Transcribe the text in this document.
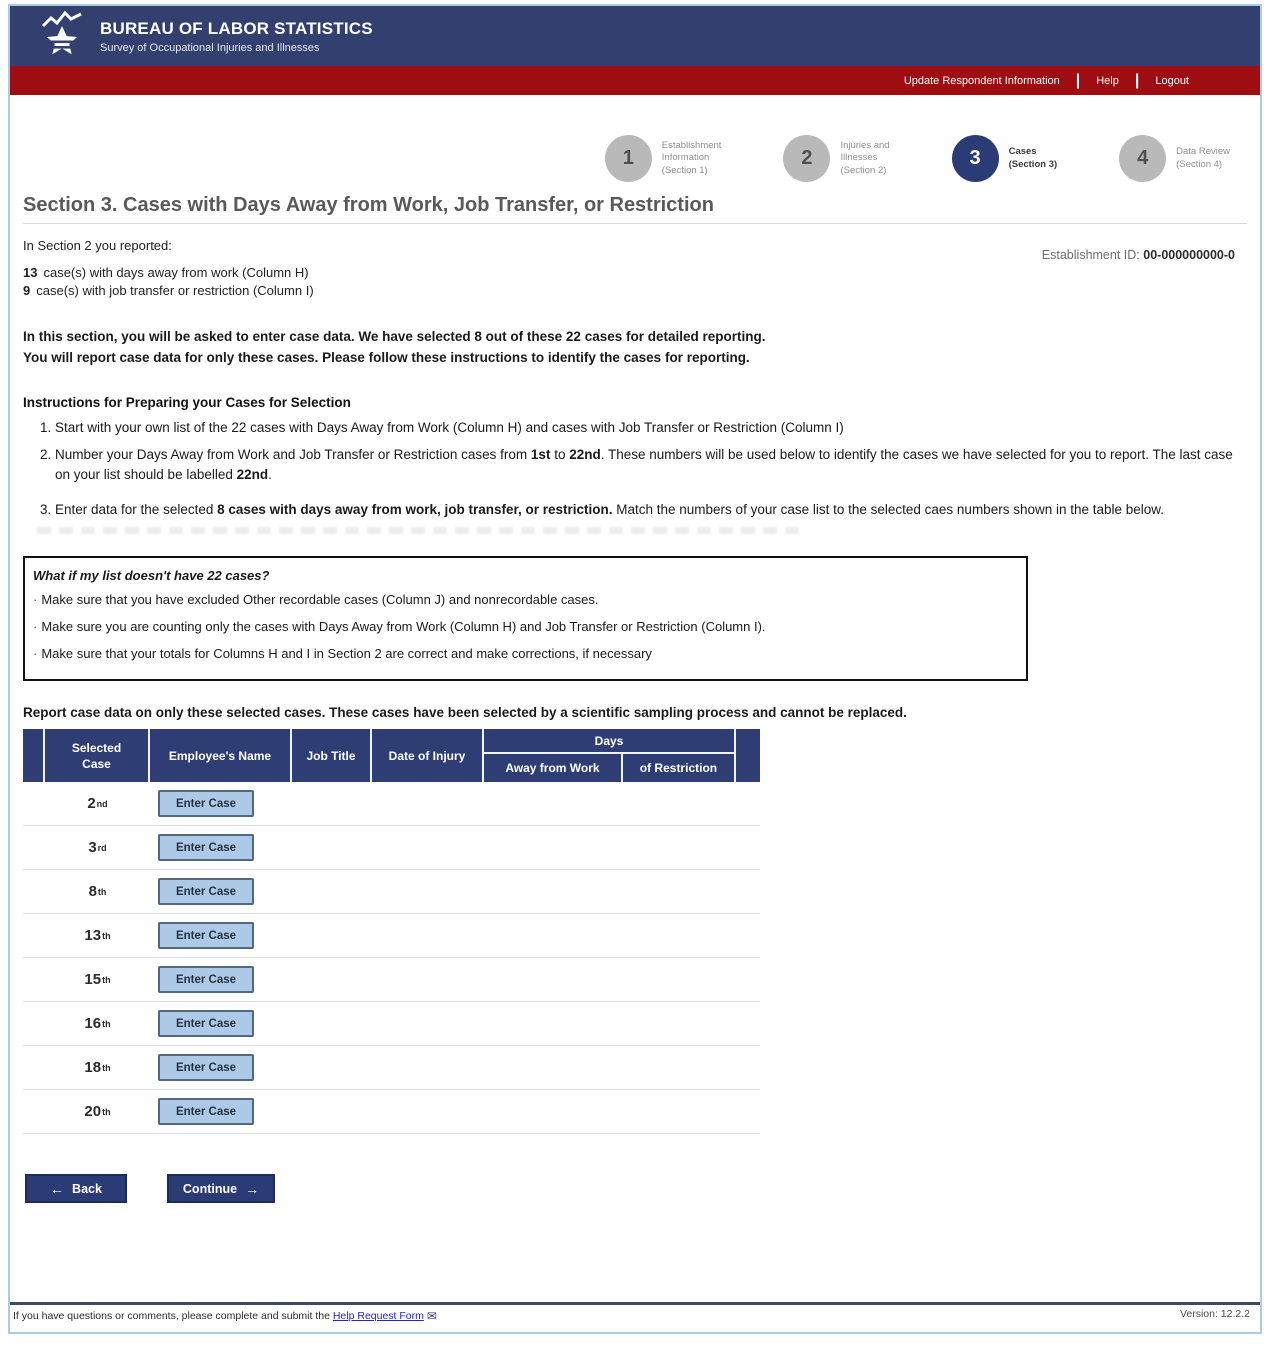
BUREAU OF LABOR STATISTICS
Survey of Occupational Injuries and Illnesses
Update Respondent Information	|	Help	|	Logout
1
Establishment
Information
(Section 1)
2
Injuries and
Illnesses
(Section 2)
3	Cases
(Section 3)	4	Data Review
(Section 4)
Section 3. Cases with Days Away from Work, Job Transfer, or Restriction
In Section 2 you reported:
13 case(s) with days away from work (Column H)
9 case(s) with job transfer or restriction (Column I)
Establishment ID: 00-000000000-0
In this section, you will be asked to enter case data. We have selected 8 out of these 22 cases for detailed reporting.
You will report case data for only these cases. Please follow these instructions to identify the cases for reporting.
Instructions for Preparing your Cases for Selection
1. Start with your own list of the 22 cases with Days Away from Work (Column H) and cases with Job Transfer or Restriction (Column I)
2. Number your Days Away from Work and Job Transfer or Restriction cases from 1st to 22nd. These numbers will be used below to identify the cases we have selected for you to report. The last case on your list should be labelled 22nd.
3. Enter data for the selected 8 cases with days away from work, job transfer, or restriction. Match the numbers of your case list to the selected caes numbers shown in the table below.
What if my list doesn't have 22 cases?
· Make sure that you have excluded Other recordable cases (Column J) and nonrecordable cases.
· Make sure you are counting only the cases with Days Away from Work (Column H) and Job Transfer or Restriction (Column I).
· Make sure that your totals for Columns H and I in Section 2 are correct and make corrections, if necessary
Report case data on only these selected cases. These cases have been selected by a scientific sampling process and cannot be replaced.
Selected
Case
Employee's Name	Job Title	Date of Injury
Days
Away from Work	of Restriction
2 nd	Enter Case
3 rd	Enter Case
8 th	Enter Case
13 th	Enter Case
15 th	Enter Case
16 th	Enter Case
18 th	Enter Case
20 th	Enter Case
← Back	Continue →
If you have questions or comments, please complete and submit the Help Request Form ✉	Version: 12.2.2
